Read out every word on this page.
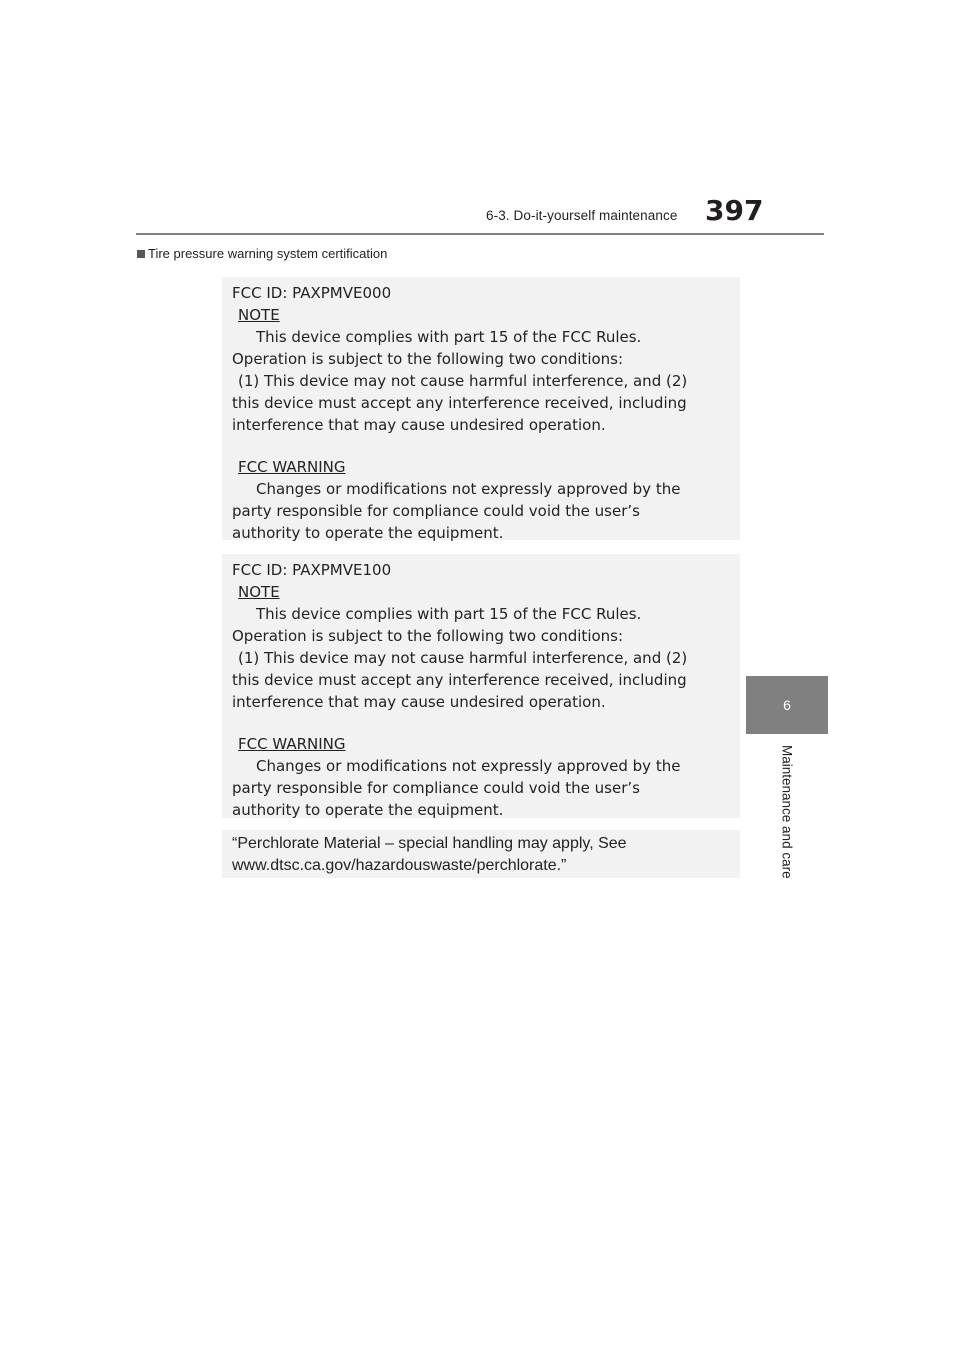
6-3. Do-it-yourself maintenance 397
Tire pressure warning system certification
FCC ID: PAXPMVE000
NOTE
This device complies with part 15 of the FCC Rules.
Operation is subject to the following two conditions:
(1) This device may not cause harmful interference, and (2)
this device must accept any interference received, including
interference that may cause undesired operation.
FCC WARNING
Changes or modifications not expressly approved by the
party responsible for compliance could void the user’s
authority to operate the equipment.
FCC ID: PAXPMVE100
NOTE
This device complies with part 15 of the FCC Rules.
Operation is subject to the following two conditions:
(1) This device may not cause harmful interference, and (2)
this device must accept any interference received, including
interference that may cause undesired operation.
FCC WARNING
Changes or modifications not expressly approved by the
party responsible for compliance could void the user’s
authority to operate the equipment.
“Perchlorate Material – special handling may apply, See
www.dtsc.ca.gov/hazardouswaste/perchlorate.”
6
Maintenance and care
